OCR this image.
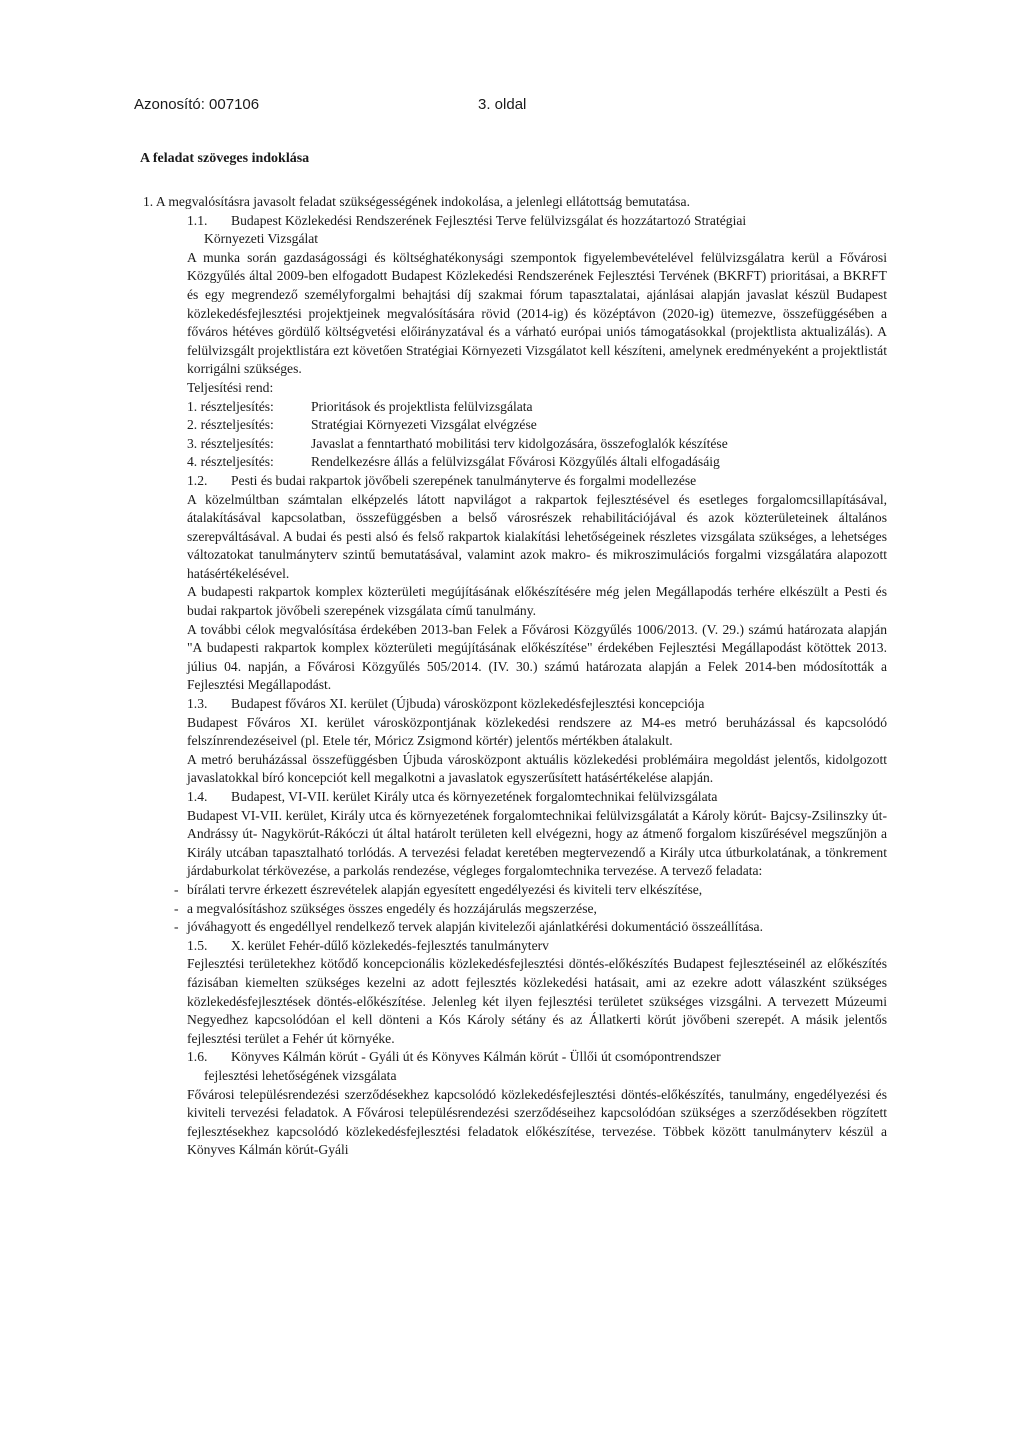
Azonosító: 007106	3. oldal
A feladat szöveges indoklása
1. A megvalósításra javasolt feladat szükségességének indokolása, a jelenlegi ellátottság bemutatása.
1.1. Budapest Közlekedési Rendszerének Fejlesztési Terve felülvizsgálat és hozzátartozó Stratégiai
Környezeti Vizsgálat
A munka során gazdaságossági és költséghatékonysági szempontok figyelembevételével felülvizsgálatra kerül a Fővárosi Közgyűlés által 2009-ben elfogadott Budapest Közlekedési Rendszerének Fejlesztési Tervének (BKRFT) prioritásai, a BKRFT és egy megrendező személyforgalmi behajtási díj szakmai fórum tapasztalatai, ajánlásai alapján javaslat készül Budapest közlekedésfejlesztési projektjeinek megvalósítására rövid (2014-ig) és középtávon (2020-ig) ütemezve, összefüggésében a főváros hétéves gördülő költségvetési előirányzatával és a várható európai uniós támogatásokkal (projektlista aktualizálás). A felülvizsgált projektlistára ezt követően Stratégiai Környezeti Vizsgálatot kell készíteni, amelynek eredményeként a projektlistát korrigálni szükséges.
Teljesítési rend:
1. részteljesítés:	Prioritások és projektlista felülvizsgálata
2. részteljesítés:	Stratégiai Környezeti Vizsgálat elvégzése
3. részteljesítés:	Javaslat a fenntartható mobilitási terv kidolgozására, összefoglalók készítése
4. részteljesítés:	Rendelkezésre állás a felülvizsgálat Fővárosi Közgyűlés általi elfogadásáig
1.2. Pesti és budai rakpartok jövőbeli szerepének tanulmányterve és forgalmi modellezése
A közelmúltban számtalan elképzelés látott napvilágot a rakpartok fejlesztésével és esetleges forgalomcsillapításával, átalakításával kapcsolatban, összefüggésben a belső városrészek rehabilitációjával és azok közterületeinek általános szerepváltásával. A budai és pesti alsó és felső rakpartok kialakítási lehetőségeinek részletes vizsgálata szükséges, a lehetséges változatokat tanulmányterv szintű bemutatásával, valamint azok makro- és mikroszimulációs forgalmi vizsgálatára alapozott hatásértékelésével.
A budapesti rakpartok komplex közterületi megújításának előkészítésére még jelen Megállapodás terhére elkészült a Pesti és budai rakpartok jövőbeli szerepének vizsgálata című tanulmány.
A további célok megvalósítása érdekében 2013-ban Felek a Fővárosi Közgyűlés 1006/2013. (V. 29.) számú határozata alapján "A budapesti rakpartok komplex közterületi megújításának előkészítése" érdekében Fejlesztési Megállapodást kötöttek 2013. július 04. napján, a Fővárosi Közgyűlés 505/2014. (IV. 30.) számú határozata alapján a Felek 2014-ben módosították a Fejlesztési Megállapodást.
1.3. Budapest főváros XI. kerület (Újbuda) városközpont közlekedésfejlesztési koncepciója
Budapest Főváros XI. kerület városközpontjának közlekedési rendszere az M4-es metró beruházással és kapcsolódó felszínrendezéseivel (pl. Etele tér, Móricz Zsigmond körtér) jelentős mértékben átalakult.
A metró beruházással összefüggésben Újbuda városközpont aktuális közlekedési problémáira megoldást jelentős, kidolgozott javaslatokkal bíró koncepciót kell megalkotni a javaslatok egyszerűsített hatásértékelése alapján.
1.4. Budapest, VI-VII. kerület Király utca és környezetének forgalomtechnikai felülvizsgálata
Budapest VI-VII. kerület, Király utca és környezetének forgalomtechnikai felülvizsgálatát a Károly körút- Bajcsy-Zsilinszky út-Andrássy út- Nagykörút-Rákóczi út által határolt területen kell elvégezni, hogy az átmenő forgalom kiszűrésével megszűnjön a Király utcában tapasztalható torlódás. A tervezési feladat keretében megtervezendő a Király utca útburkolatának, a tönkrement járdaburkolat térkövezése, a parkolás rendezése, végleges forgalomtechnika tervezése. A tervező feladata:
- bírálati tervre érkezett észrevételek alapján egyesített engedélyezési és kiviteli terv elkészítése,
- a megvalósításhoz szükséges összes engedély és hozzájárulás megszerzése,
- jóváhagyott és engedéllyel rendelkező tervek alapján kivitelezői ajánlatkérési dokumentáció összeállítása.
1.5. X. kerület Fehér-dűlő közlekedés-fejlesztés tanulmányterv
Fejlesztési területekhez kötődő koncepcionális közlekedésfejlesztési döntés-előkészítés Budapest fejlesztéseinél az előkészítés fázisában kiemelten szükséges kezelni az adott fejlesztés közlekedési hatásait, ami az ezekre adott válaszként szükséges közlekedésfejlesztések döntés-előkészítése. Jelenleg két ilyen fejlesztési területet szükséges vizsgálni. A tervezett Múzeumi Negyedhez kapcsolódóan el kell dönteni a Kós Károly sétány és az Állatkerti körút jövőbeni szerepét. A másik jelentős fejlesztési terület a Fehér út környéke.
1.6. Könyves Kálmán körút - Gyáli út és Könyves Kálmán körút - Üllői út csomópontrendszer
fejlesztési lehetőségének vizsgálata
Fővárosi településrendezési szerződésekhez kapcsolódó közlekedésfejlesztési döntés-előkészítés, tanulmány, engedélyezési és kiviteli tervezési feladatok. A Fővárosi településrendezési szerződéseihez kapcsolódóan szükséges a szerződésekben rögzített fejlesztésekhez kapcsolódó közlekedésfejlesztési feladatok előkészítése, tervezése. Többek között tanulmányterv készül a Könyves Kálmán körút-Gyáli
